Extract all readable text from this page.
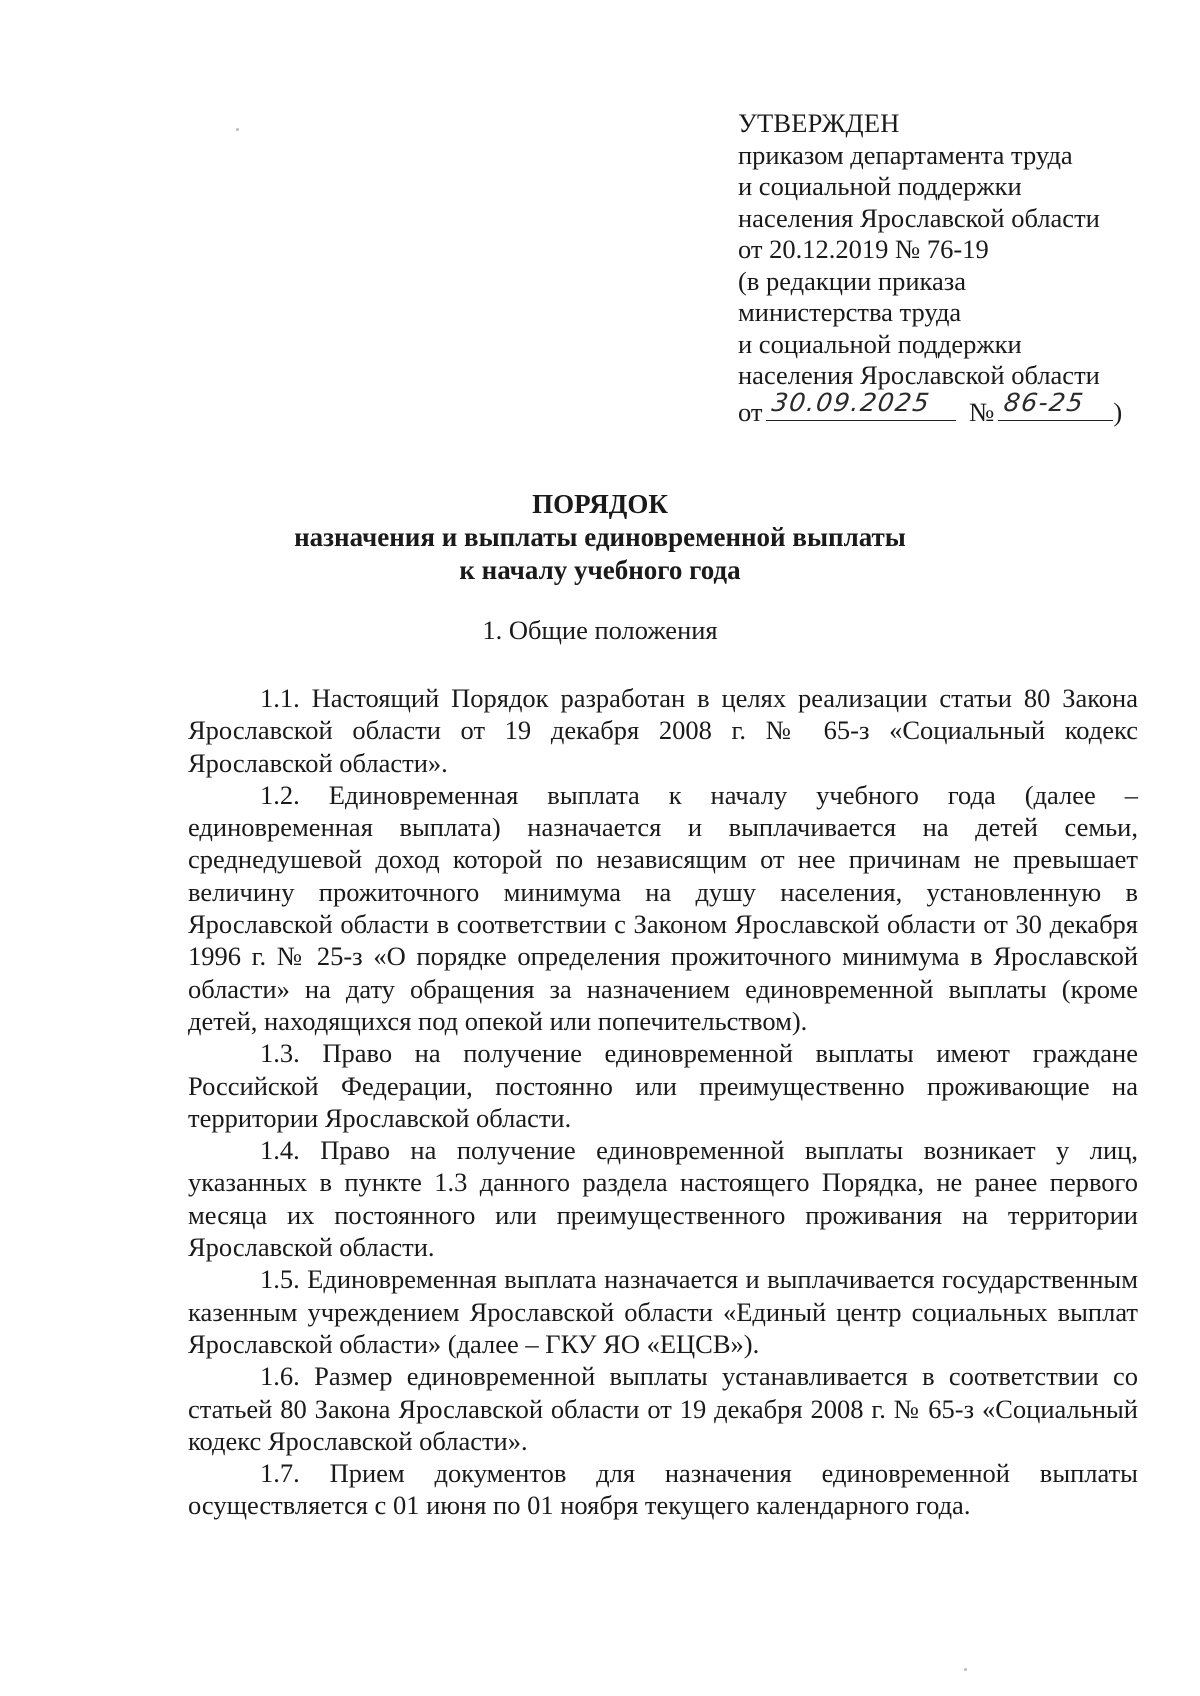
УТВЕРЖДЕН
приказом департамента труда
и социальной поддержки
населения Ярославской области
от 20.12.2019 № 76-19
(в редакции приказа
министерства труда
и социальной поддержки
населения Ярославской области
от 30.09.2025 № 86-25 )
ПОРЯДОК
назначения и выплаты единовременной выплаты
к началу учебного года
1. Общие положения

1.1. Настоящий Порядок разработан в целях реализации статьи 80 Закона Ярославской области от 19 декабря 2008 г. № 65-з «Социальный кодекс Ярославской области».

1.2. Единовременная выплата к началу учебного года (далее – единовременная выплата) назначается и выплачивается на детей семьи, среднедушевой доход которой по независящим от нее причинам не превышает величину прожиточного минимума на душу населения, установленную в Ярославской области в соответствии с Законом Ярославской области от 30 декабря 1996 г. № 25-з «О порядке определения прожиточного минимума в Ярославской области» на дату обращения за назначением единовременной выплаты (кроме детей, находящихся под опекой или попечительством).

1.3. Право на получение единовременной выплаты имеют граждане Российской Федерации, постоянно или преимущественно проживающие на территории Ярославской области.

1.4. Право на получение единовременной выплаты возникает у лиц, указанных в пункте 1.3 данного раздела настоящего Порядка, не ранее первого месяца их постоянного или преимущественного проживания на территории Ярославской области.

1.5. Единовременная выплата назначается и выплачивается государственным казенным учреждением Ярославской области «Единый центр социальных выплат Ярославской области» (далее – ГКУ ЯО «ЕЦСВ»).

1.6. Размер единовременной выплаты устанавливается в соответствии со статьей 80 Закона Ярославской области от 19 декабря 2008 г. № 65-з «Социальный кодекс Ярославской области».

1.7. Прием документов для назначения единовременной выплаты осуществляется с 01 июня по 01 ноября текущего календарного года.
